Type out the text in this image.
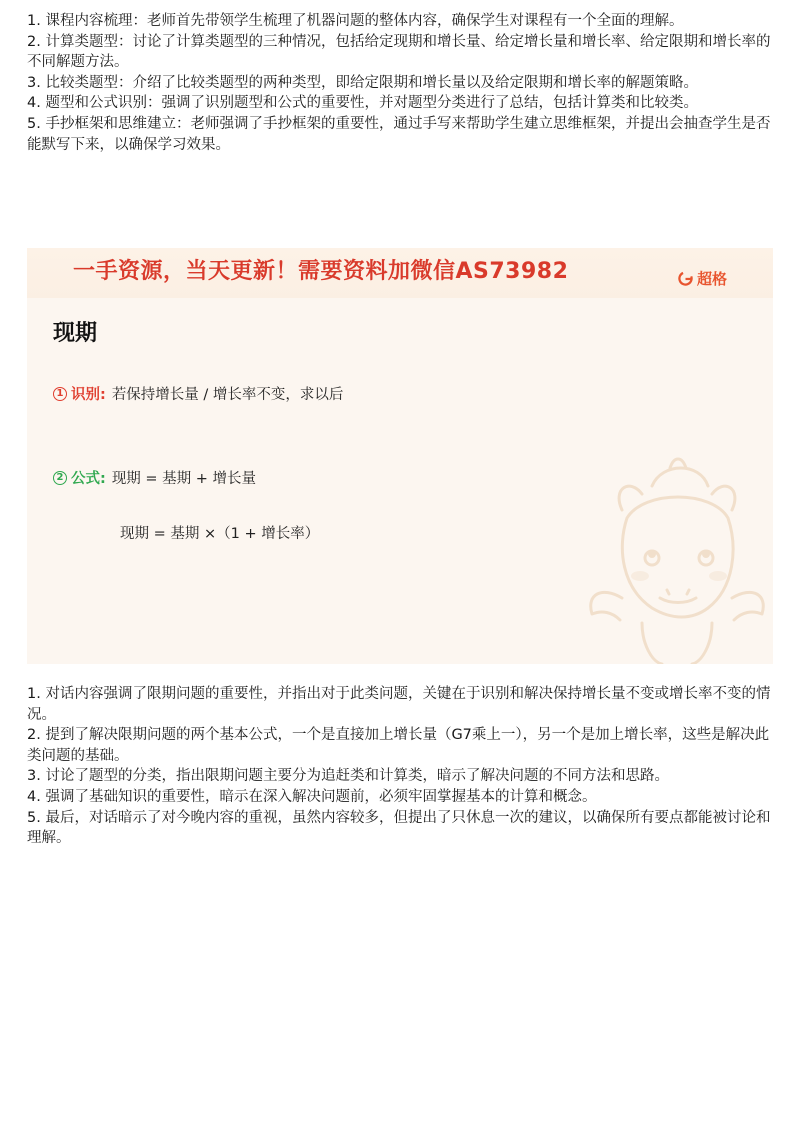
1. 课程内容梳理：老师首先带领学生梳理了机器问题的整体内容，确保学生对课程有一个全面的理解。

2. 计算类题型：讨论了计算类题型的三种情况，包括给定现期和增长量、给定增长量和增长率、给定限期和增长率的不同解题方法。

3. 比较类题型：介绍了比较类题型的两种类型，即给定限期和增长量以及给定限期和增长率的解题策略。

4. 题型和公式识别：强调了识别题型和公式的重要性，并对题型分类进行了总结，包括计算类和比较类。

5. 手抄框架和思维建立：老师强调了手抄框架的重要性，通过手写来帮助学生建立思维框架，并提出会抽查学生是否能默写下来，以确保学习效果。

一手资源，当天更新！需要资料加微信AS73982	超格
现期
1 识别: 若保持增长量 / 增长率不变，求以后
2 公式: 现期 = 基期 + 增长量
现期 = 基期 ×（1 + 增长率）

1. 对话内容强调了限期问题的重要性，并指出对于此类问题，关键在于识别和解决保持增长量不变或增长率不变的情况。

2. 提到了解决限期问题的两个基本公式，一个是直接加上增长量（G7乘上一），另一个是加上增长率，这些是解决此类问题的基础。

3. 讨论了题型的分类，指出限期问题主要分为追赶类和计算类，暗示了解决问题的不同方法和思路。

4. 强调了基础知识的重要性，暗示在深入解决问题前，必须牢固掌握基本的计算和概念。

5. 最后，对话暗示了对今晚内容的重视，虽然内容较多，但提出了只休息一次的建议，以确保所有要点都能被讨论和理解。
